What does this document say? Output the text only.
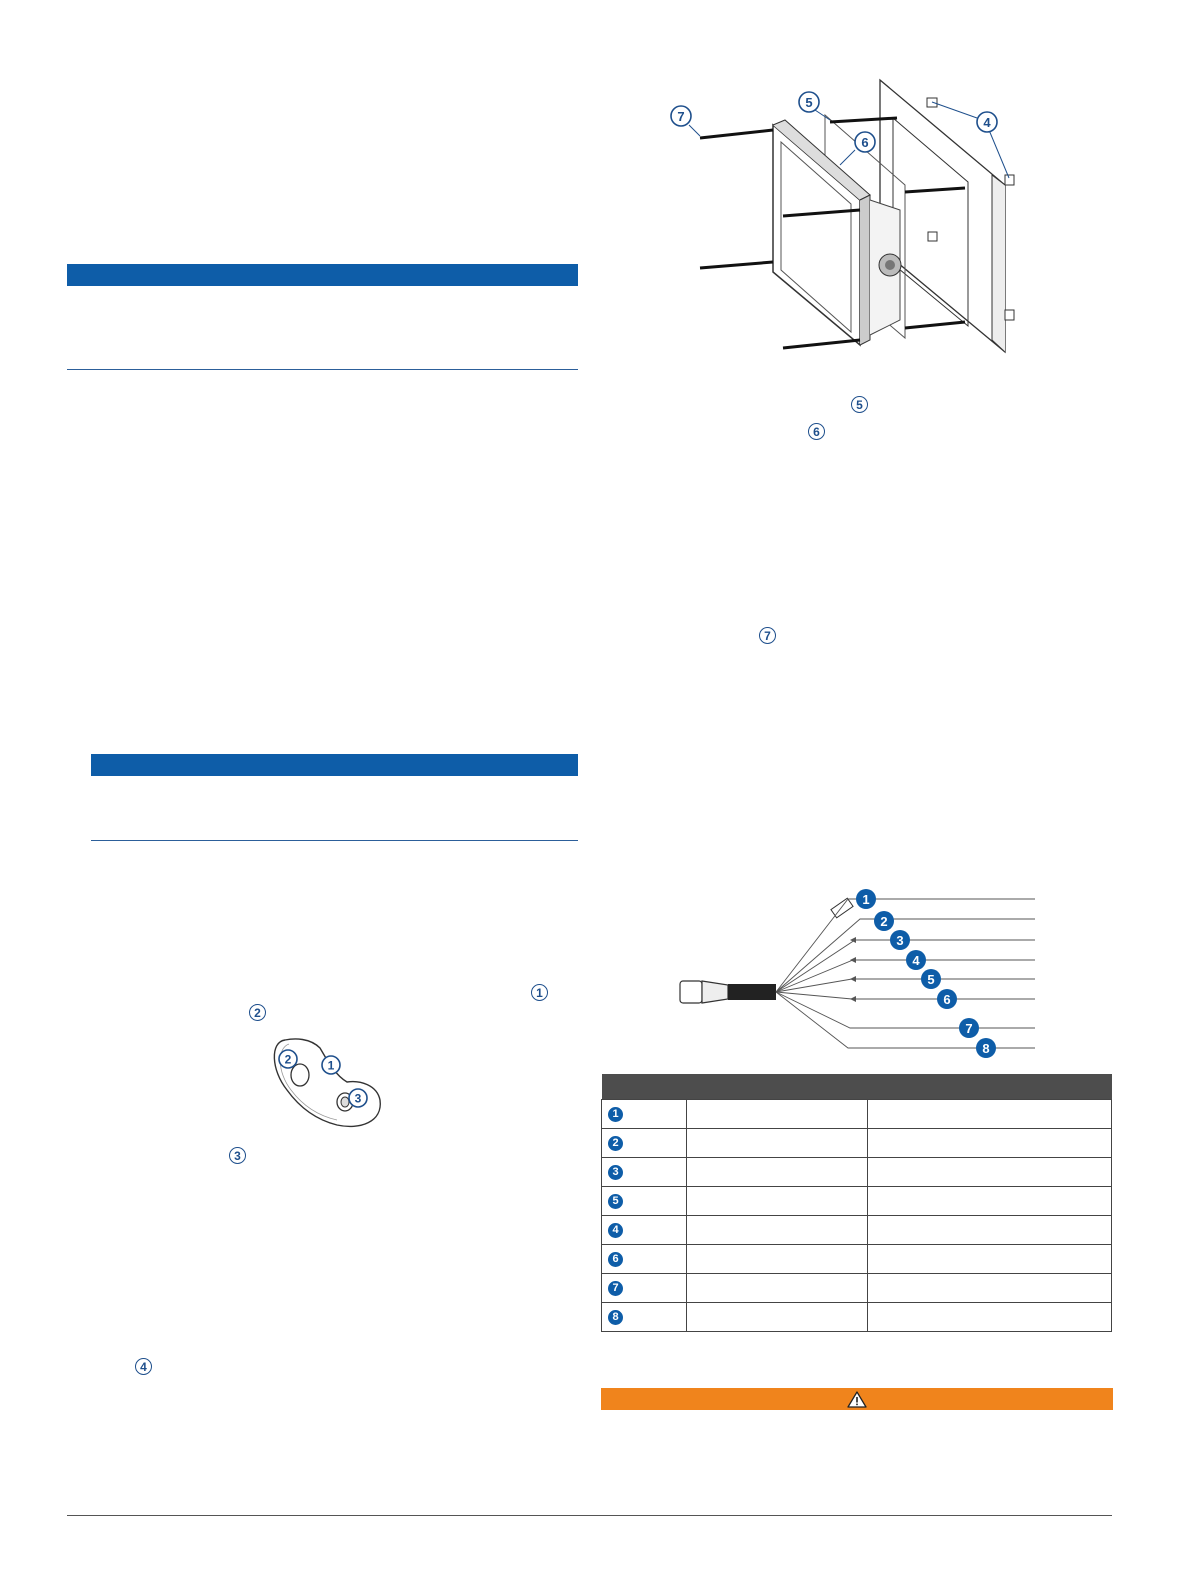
1
2
2	1
3
3
4
7
5
6
4
5
6
7
1
2
3
4
5
6
7
8

1		
2		
3		
5		
4		
6		
7		
8		
